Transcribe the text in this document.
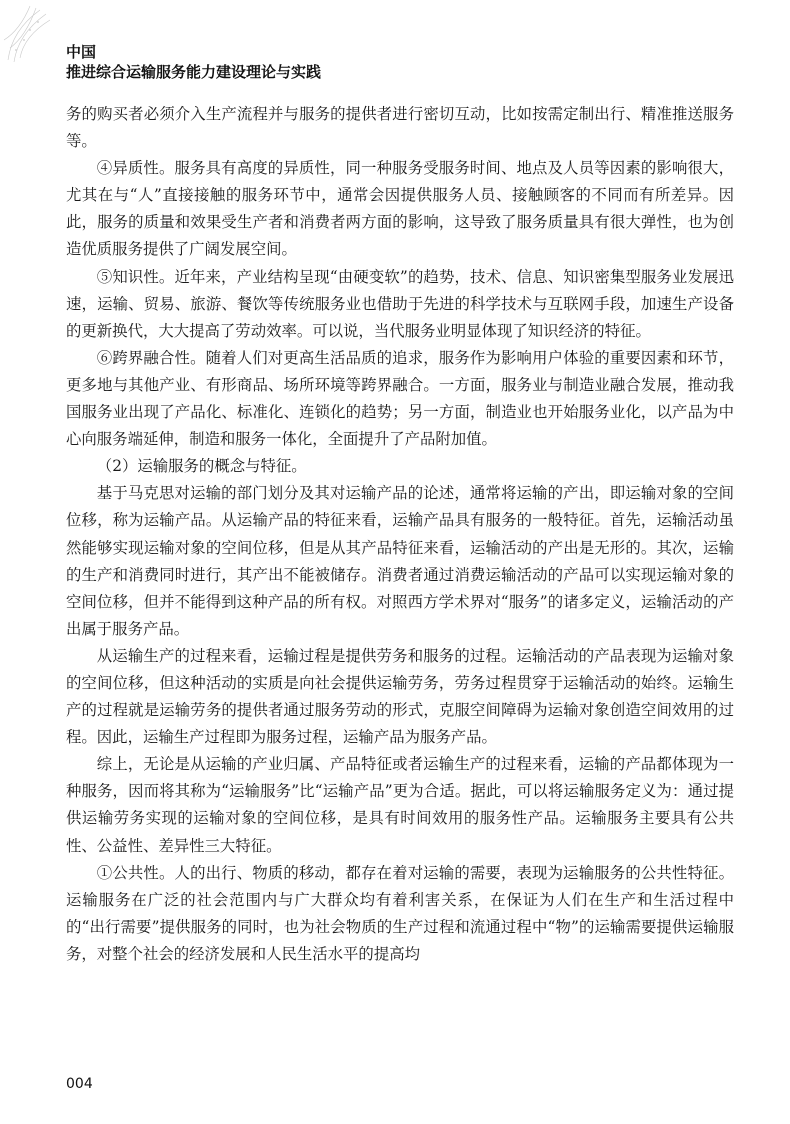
中国
推进综合运输服务能力建设理论与实践

务的购买者必须介入生产流程并与服务的提供者进行密切互动，比如按需定制出行、精准推送服务等。

④异质性。服务具有高度的异质性，同一种服务受服务时间、地点及人员等因素的影响很大，尤其在与“人”直接接触的服务环节中，通常会因提供服务人员、接触顾客的不同而有所差异。因此，服务的质量和效果受生产者和消费者两方面的影响，这导致了服务质量具有很大弹性，也为创造优质服务提供了广阔发展空间。

⑤知识性。近年来，产业结构呈现“由硬变软”的趋势，技术、信息、知识密集型服务业发展迅速，运输、贸易、旅游、餐饮等传统服务业也借助于先进的科学技术与互联网手段，加速生产设备的更新换代，大大提高了劳动效率。可以说，当代服务业明显体现了知识经济的特征。

⑥跨界融合性。随着人们对更高生活品质的追求，服务作为影响用户体验的重要因素和环节，更多地与其他产业、有形商品、场所环境等跨界融合。一方面，服务业与制造业融合发展，推动我国服务业出现了产品化、标准化、连锁化的趋势；另一方面，制造业也开始服务业化，以产品为中心向服务端延伸，制造和服务一体化，全面提升了产品附加值。

（2）运输服务的概念与特征。

基于马克思对运输的部门划分及其对运输产品的论述，通常将运输的产出，即运输对象的空间位移，称为运输产品。从运输产品的特征来看，运输产品具有服务的一般特征。首先，运输活动虽然能够实现运输对象的空间位移，但是从其产品特征来看，运输活动的产出是无形的。其次，运输的生产和消费同时进行，其产出不能被储存。消费者通过消费运输活动的产品可以实现运输对象的空间位移，但并不能得到这种产品的所有权。对照西方学术界对“服务”的诸多定义，运输活动的产出属于服务产品。

从运输生产的过程来看，运输过程是提供劳务和服务的过程。运输活动的产品表现为运输对象的空间位移，但这种活动的实质是向社会提供运输劳务，劳务过程贯穿于运输活动的始终。运输生产的过程就是运输劳务的提供者通过服务劳动的形式，克服空间障碍为运输对象创造空间效用的过程。因此，运输生产过程即为服务过程，运输产品为服务产品。

综上，无论是从运输的产业归属、产品特征或者运输生产的过程来看，运输的产品都体现为一种服务，因而将其称为“运输服务”比“运输产品”更为合适。据此，可以将运输服务定义为：通过提供运输劳务实现的运输对象的空间位移，是具有时间效用的服务性产品。运输服务主要具有公共性、公益性、差异性三大特征。

①公共性。人的出行、物质的移动，都存在着对运输的需要，表现为运输服务的公共性特征。运输服务在广泛的社会范围内与广大群众均有着利害关系，在保证为人们在生产和生活过程中的“出行需要”提供服务的同时，也为社会物质的生产过程和流通过程中“物”的运输需要提供运输服务，对整个社会的经济发展和人民生活水平的提高均

004
